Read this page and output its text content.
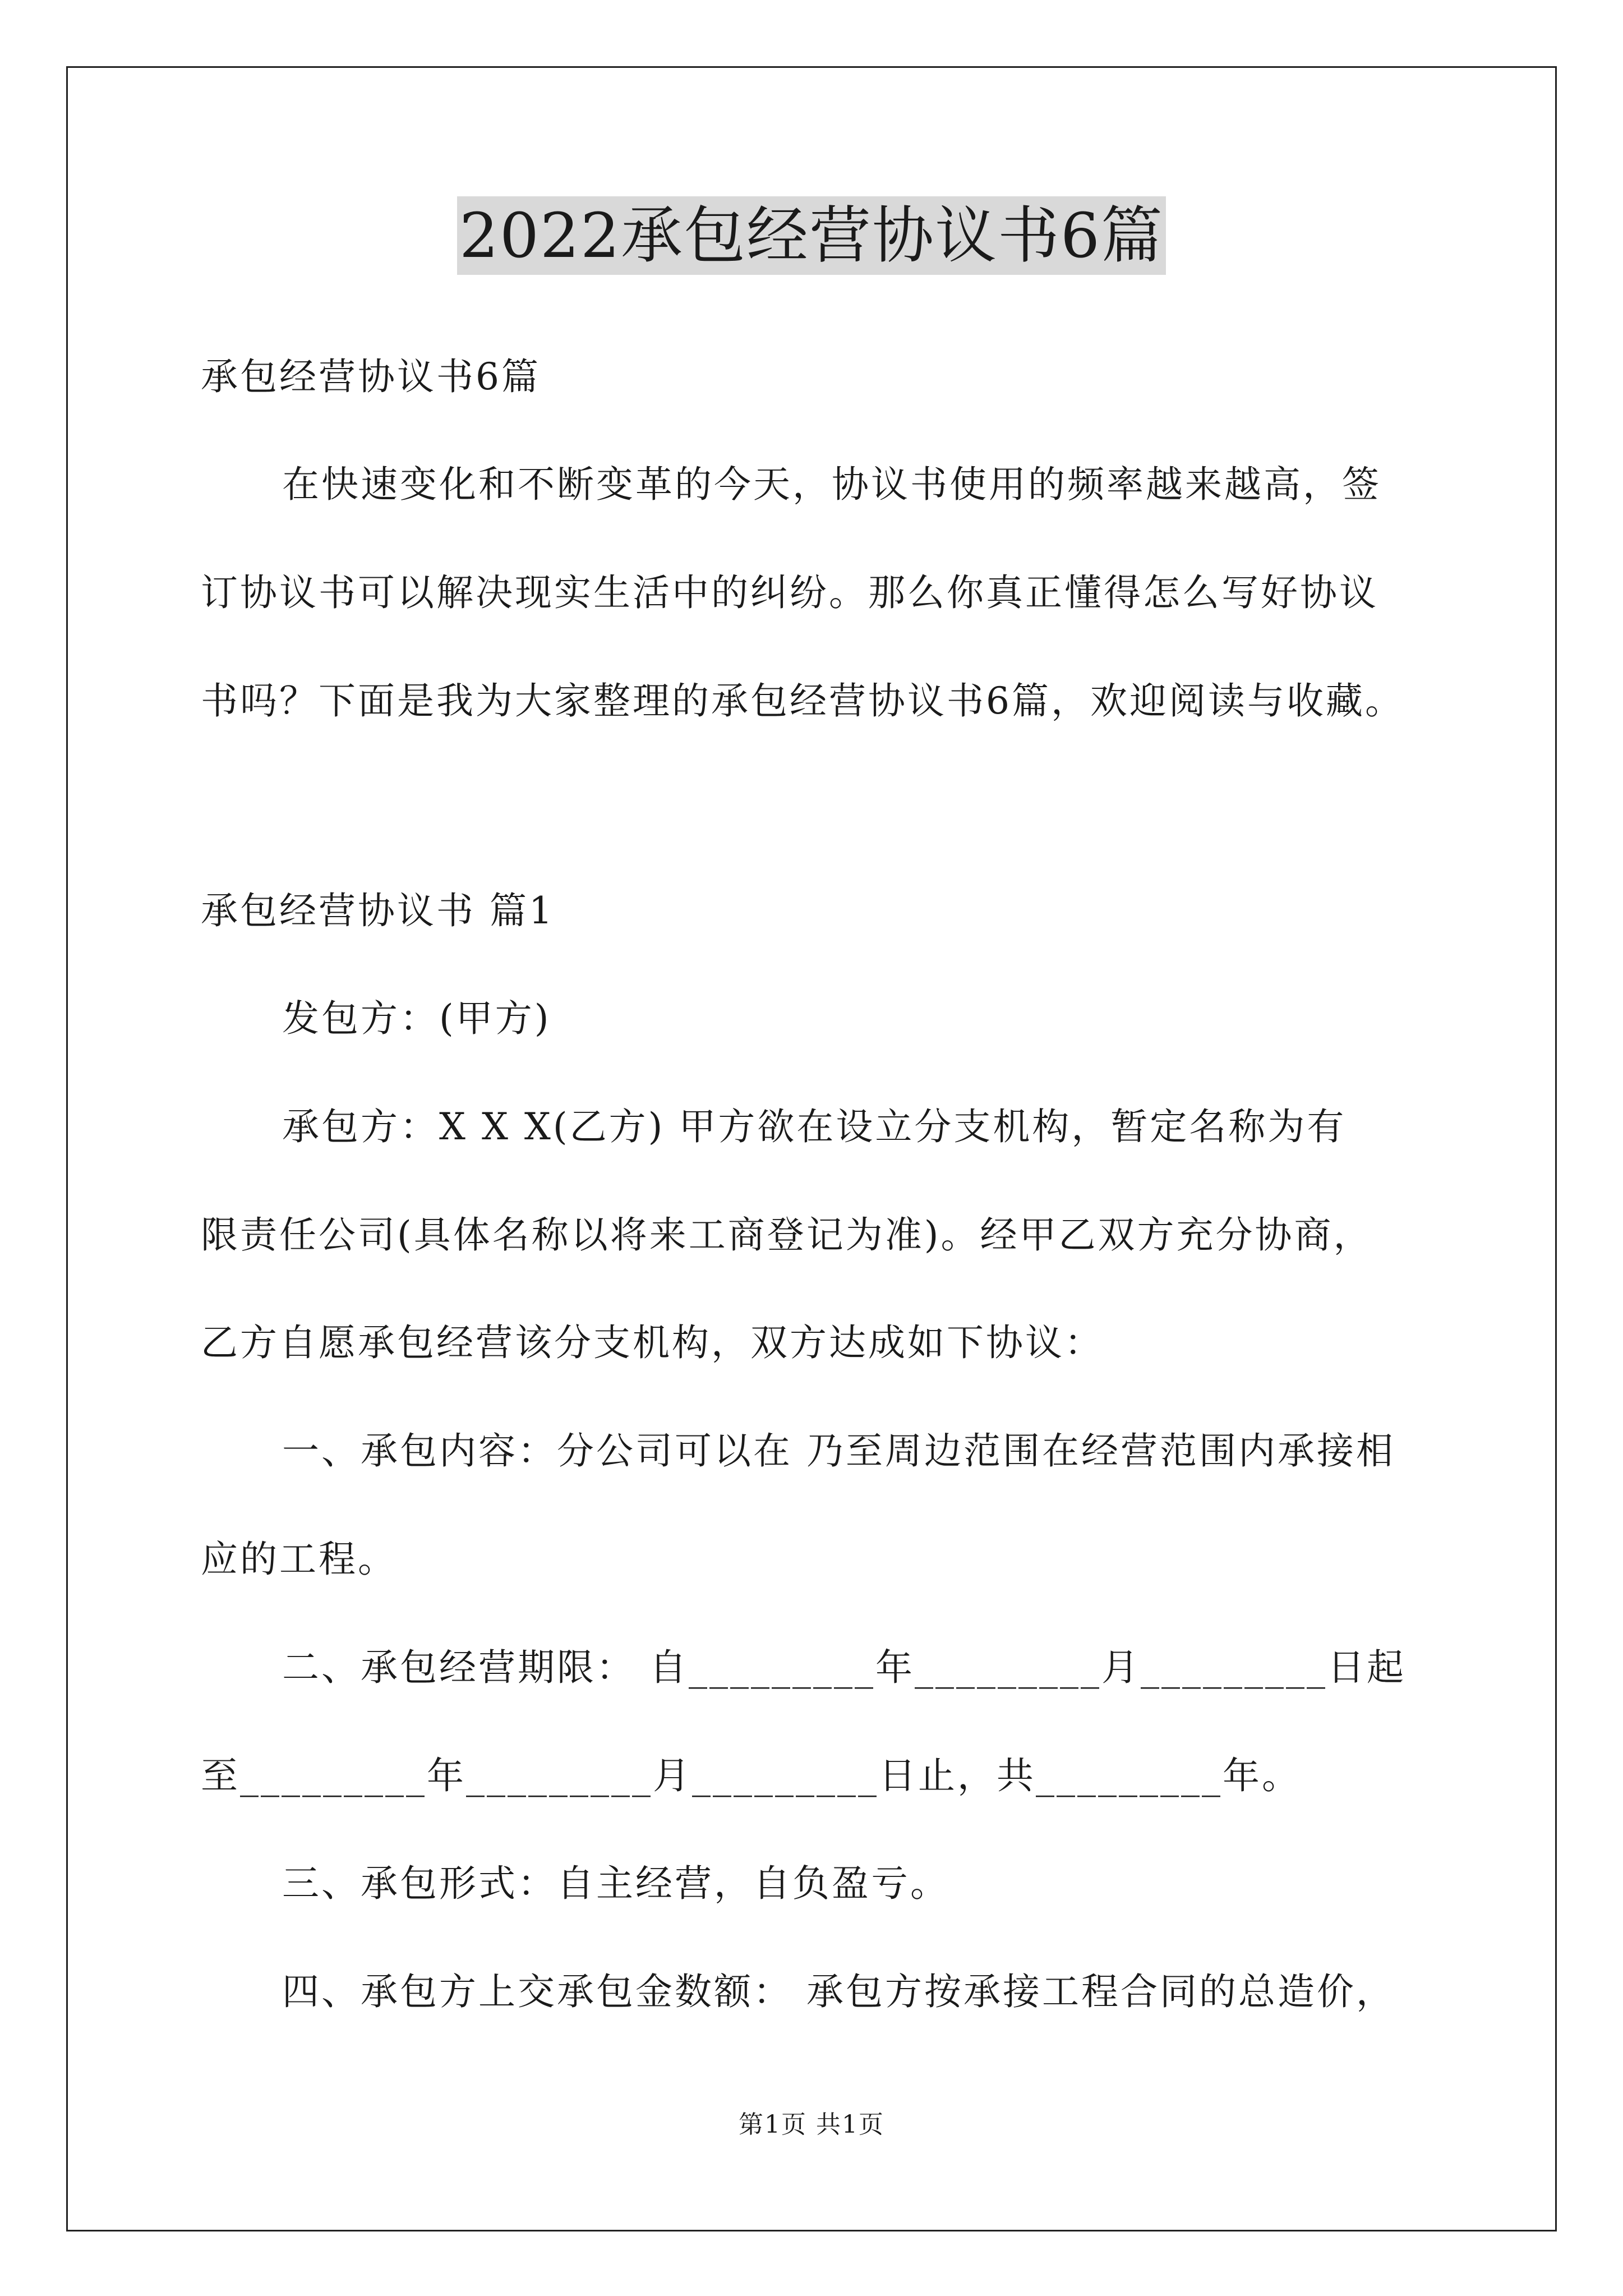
2022承包经营协议书6篇
承包经营协议书6篇
在快速变化和不断变革的今天，协议书使用的频率越来越高，签
订协议书可以解决现实生活中的纠纷。那么你真正懂得怎么写好协议
书吗？下面是我为大家整理的承包经营协议书6篇，欢迎阅读与收藏。
承包经营协议书 篇1
发包方：(甲方)
承包方：X X X(乙方) 甲方欲在设立分支机构，暂定名称为有
限责任公司(具体名称以将来工商登记为准)。经甲乙双方充分协商，
乙方自愿承包经营该分支机构，双方达成如下协议：
一、承包内容：分公司可以在 乃至周边范围在经营范围内承接相
应的工程。
二、承包经营期限： 自_________年_________月_________日起
至_________年_________月_________日止，共_________年。
三、承包形式：自主经营，自负盈亏。
四、承包方上交承包金数额： 承包方按承接工程合同的总造价，
第1页 共1页
